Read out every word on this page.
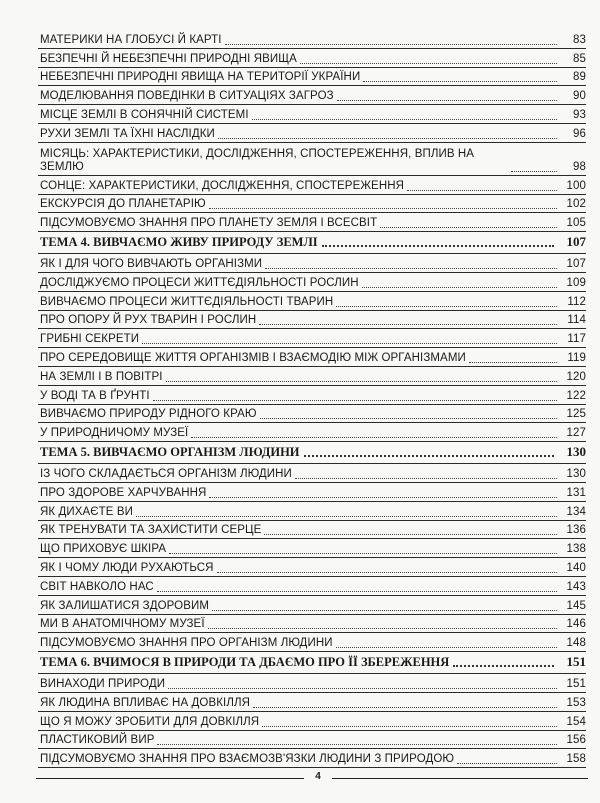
МАТЕРИКИ НА ГЛОБУСІ Й КАРТІ	83
БЕЗПЕЧНІ Й НЕБЕЗПЕЧНІ ПРИРОДНІ ЯВИЩА	85
НЕБЕЗПЕЧНІ ПРИРОДНІ ЯВИЩА НА ТЕРИТОРІЇ УКРАЇНИ	89
МОДЕЛЮВАННЯ ПОВЕДІНКИ В СИТУАЦІЯХ ЗАГРОЗ	90
МІСЦЕ ЗЕМЛІ В СОНЯЧНІЙ СИСТЕМІ	93
РУХИ ЗЕМЛІ ТА ЇХНІ НАСЛІДКИ	96
МІСЯЦЬ: ХАРАКТЕРИСТИКИ, ДОСЛІДЖЕННЯ, СПОСТЕРЕЖЕННЯ, ВПЛИВ НА ЗЕМЛЮ	98
СОНЦЕ: ХАРАКТЕРИСТИКИ, ДОСЛІДЖЕННЯ, СПОСТЕРЕЖЕННЯ	100
ЕКСКУРСІЯ ДО ПЛАНЕТАРІЮ	102
ПІДСУМОВУЄМО ЗНАННЯ ПРО ПЛАНЕТУ ЗЕМЛЯ І ВСЕСВІТ	105
ТЕМА 4. ВИВЧАЄМО ЖИВУ ПРИРОДУ ЗЕМЛІ	107
ЯК І ДЛЯ ЧОГО ВИВЧАЮТЬ ОРГАНІЗМИ	107
ДОСЛІДЖУЄМО ПРОЦЕСИ ЖИТТЄДІЯЛЬНОСТІ РОСЛИН	109
ВИВЧАЄМО ПРОЦЕСИ ЖИТТЄДІЯЛЬНОСТІ ТВАРИН	112
ПРО ОПОРУ Й РУХ ТВАРИН І РОСЛИН	114
ГРИБНІ СЕКРЕТИ	117
ПРО СЕРЕДОВИЩЕ ЖИТТЯ ОРГАНІЗМІВ І ВЗАЄМОДІЮ МІЖ ОРГАНІЗМАМИ	119
НА ЗЕМЛІ І В ПОВІТРІ	120
У ВОДІ ТА В ҐРУНТІ	122
ВИВЧАЄМО ПРИРОДУ РІДНОГО КРАЮ	125
У ПРИРОДНИЧОМУ МУЗЕЇ	127
ТЕМА 5. ВИВЧАЄМО ОРГАНІЗМ ЛЮДИНИ	130
ІЗ ЧОГО СКЛАДАЄТЬСЯ ОРГАНІЗМ ЛЮДИНИ	130
ПРО ЗДОРОВЕ ХАРЧУВАННЯ	131
ЯК ДИХАЄТЕ ВИ	134
ЯК ТРЕНУВАТИ ТА ЗАХИСТИТИ СЕРЦЕ	136
ЩО ПРИХОВУЄ ШКІРА	138
ЯК І ЧОМУ ЛЮДИ РУХАЮТЬСЯ	140
СВІТ НАВКОЛО НАС	143
ЯК ЗАЛИШАТИСЯ ЗДОРОВИМ	145
МИ В АНАТОМІЧНОМУ МУЗЕЇ	146
ПІДСУМОВУЄМО ЗНАННЯ ПРО ОРГАНІЗМ ЛЮДИНИ	148
ТЕМА 6. ВЧИМОСЯ В ПРИРОДИ ТА ДБАЄМО ПРО ЇЇ ЗБЕРЕЖЕННЯ	151
ВИНАХОДИ ПРИРОДИ	151
ЯК ЛЮДИНА ВПЛИВАЄ НА ДОВКІЛЛЯ	153
ЩО Я МОЖУ ЗРОБИТИ ДЛЯ ДОВКІЛЛЯ	154
ПЛАСТИКОВИЙ ВИР	156
ПІДСУМОВУЄМО ЗНАННЯ ПРО ВЗАЄМОЗВ'ЯЗКИ ЛЮДИНИ З ПРИРОДОЮ	158
4
